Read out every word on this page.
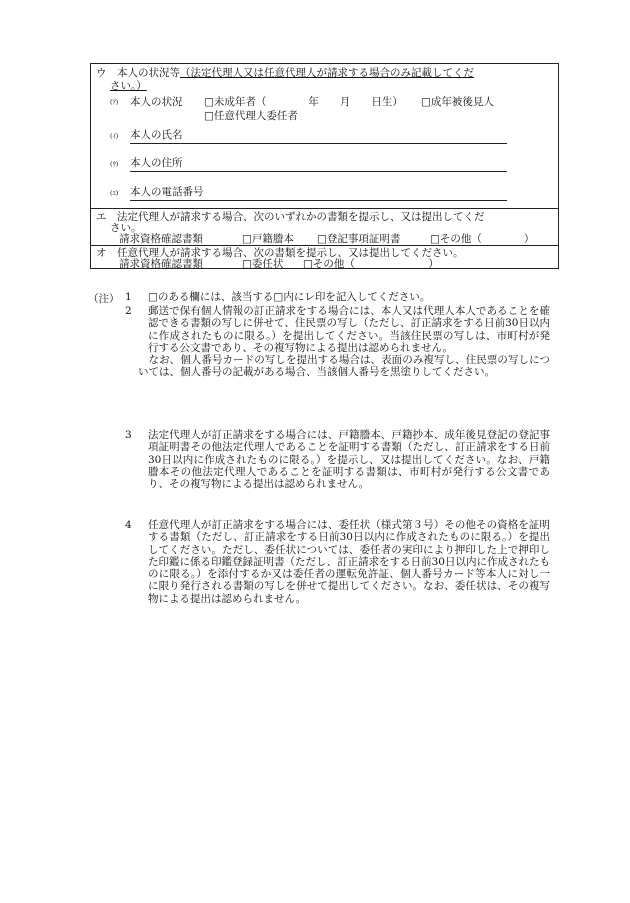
ウ　本人の状況等（法定代理人又は任意代理人が請求する場合のみ記載してくだ
さい。）
(ｱ) 本人の状況 □未成年者（　　　　年　　月　　日生） □成年被後見人
□任意代理人委任者
(ｲ) 本人の氏名
(ｳ) 本人の住所
(ｴ) 本人の電話番号
エ　法定代理人が請求する場合、次のいずれかの書類を提示し、又は提出してくだ
さい。
請求資格確認書類	□戸籍謄本 □登記事項証明書	□その他（　　　　）
オ　任意代理人が請求する場合、次の書類を提示し、又は提出してください。
請求資格確認書類	□委任状 □その他（　　　　　　　）
（注） 1 □のある欄には、該当する□内にレ印を記入してください。

2	郵送で保有個人情報の訂正請求をする場合には、本人又は代理人本人であることを確認できる書類の写しに併せて、住民票の写し（ただし、訂正請求をする日前30日以内に作成されたものに限る。）を提出してください。当該住民票の写しは、市町村が発行する公文書であり、その複写物による提出は認められません。

なお、個人番号カードの写しを提出する場合は、表面のみ複写し、住民票の写しについては、個人番号の記載がある場合、当該個人番号を黒塗りしてください。

3 法定代理人が訂正請求をする場合には、戸籍謄本、戸籍抄本、成年後見登記の登記事項証明書その他法定代理人であることを証明する書類（ただし、訂正請求をする日前30日以内に作成されたものに限る。）を提示し、又は提出してください。なお、戸籍謄本その他法定代理人であることを証明する書類は、市町村が発行する公文書であり、その複写物による提出は認められません。

4 任意代理人が訂正請求をする場合には、委任状（様式第３号）その他その資格を証明する書類（ただし、訂正請求をする日前30日以内に作成されたものに限る。）を提出してください。ただし、委任状については、委任者の実印により押印した上で押印した印鑑に係る印鑑登録証明書（ただし、訂正請求をする日前30日以内に作成されたものに限る。）を添付するか又は委任者の運転免許証、個人番号カード等本人に対し一に限り発行される書類の写しを併せて提出してください。なお、委任状は、その複写物による提出は認められません。
